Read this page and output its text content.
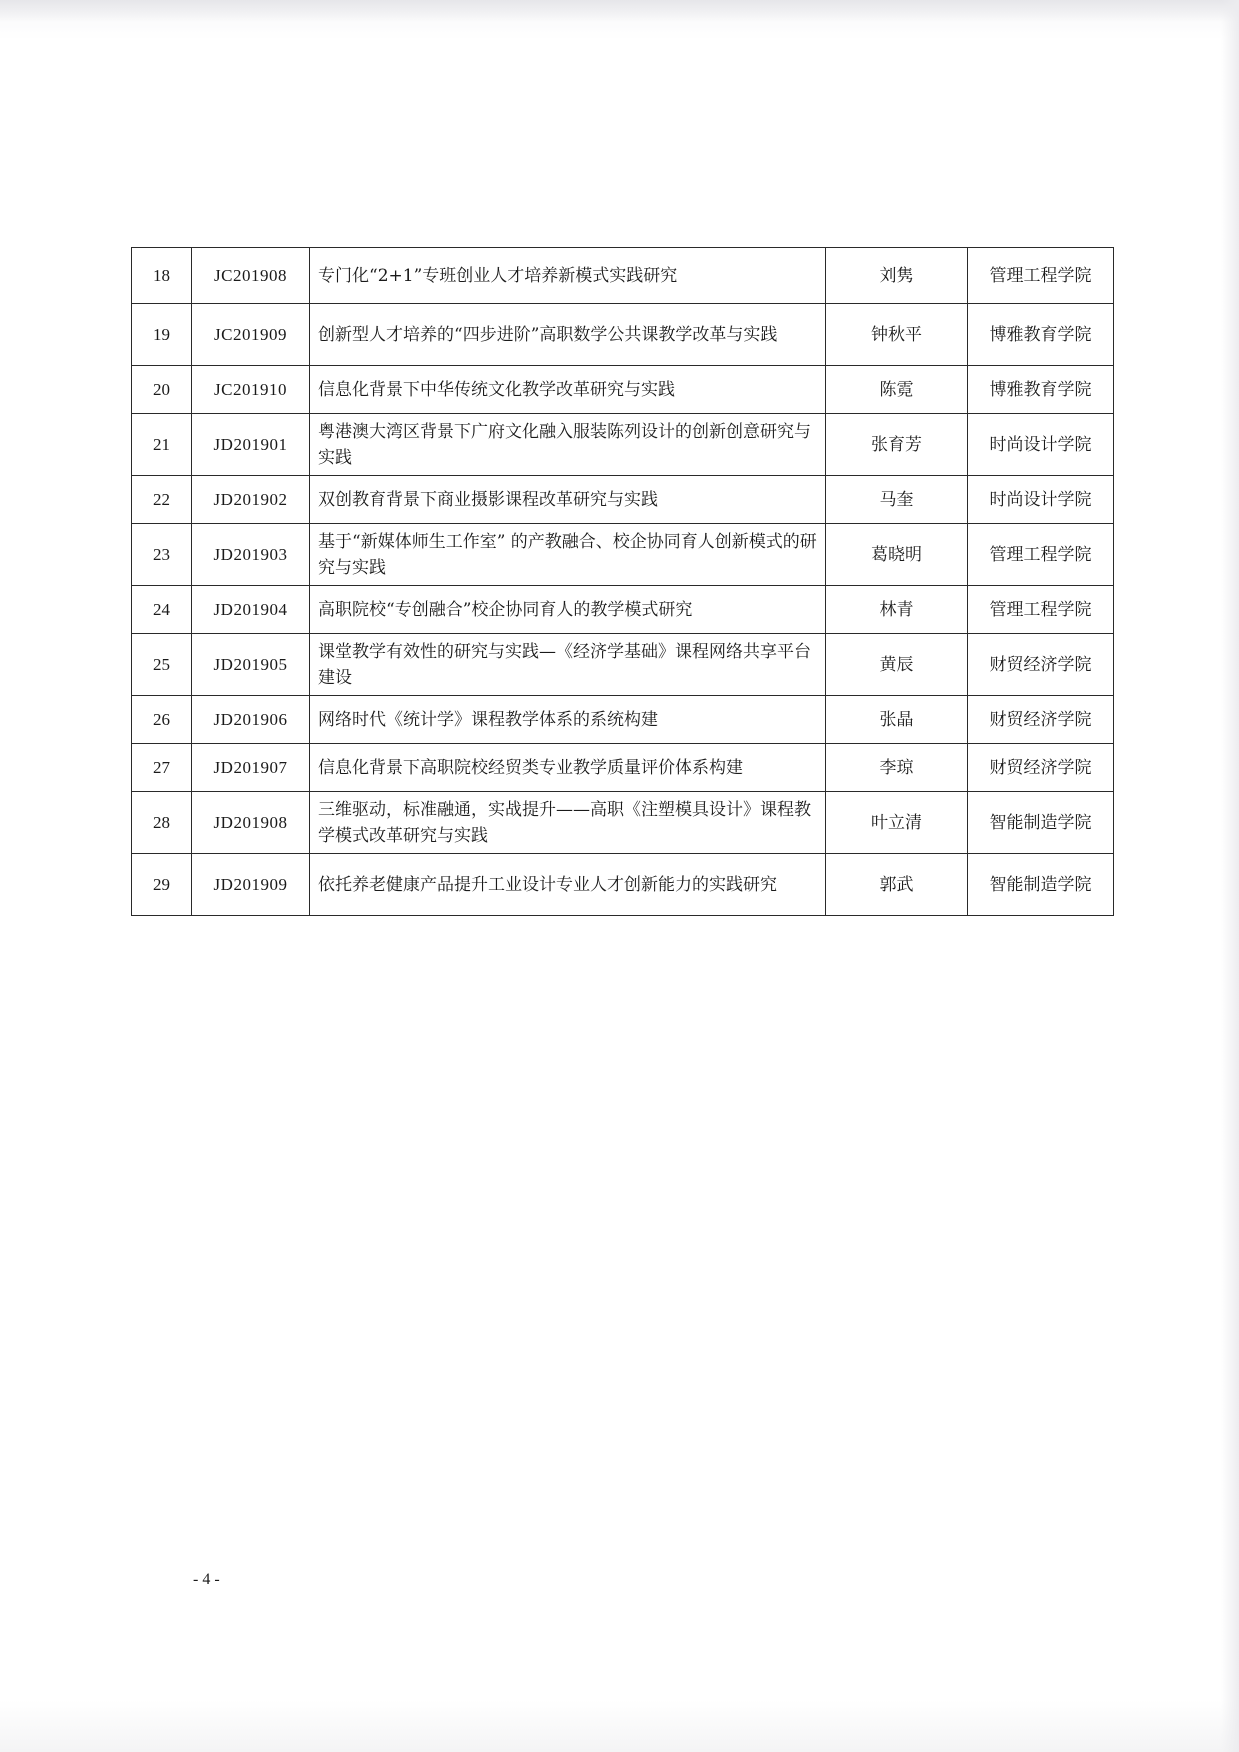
18	JC201908	专门化“2+1”专班创业人才培养新模式实践研究	刘隽	管理工程学院
19	JC201909	创新型人才培养的“四步进阶”高职数学公共课教学改革与实践	钟秋平	博雅教育学院
20	JC201910	信息化背景下中华传统文化教学改革研究与实践	陈霓	博雅教育学院
21	JD201901	粤港澳大湾区背景下广府文化融入服装陈列设计的创新创意研究与实践	张育芳	时尚设计学院
22	JD201902	双创教育背景下商业摄影课程改革研究与实践	马奎	时尚设计学院
23	JD201903	基于“新媒体师生工作室” 的产教融合、校企协同育人创新模式的研究与实践	葛晓明	管理工程学院
24	JD201904	高职院校“专创融合”校企协同育人的教学模式研究	林青	管理工程学院
25	JD201905	课堂教学有效性的研究与实践—《经济学基础》课程网络共享平台建设	黄辰	财贸经济学院
26	JD201906	网络时代《统计学》课程教学体系的系统构建	张晶	财贸经济学院
27	JD201907	信息化背景下高职院校经贸类专业教学质量评价体系构建	李琼	财贸经济学院
28	JD201908	三维驱动，标准融通，实战提升——高职《注塑模具设计》课程教学模式改革研究与实践	叶立清	智能制造学院
29	JD201909	依托养老健康产品提升工业设计专业人才创新能力的实践研究	郭武	智能制造学院
- 4 -
